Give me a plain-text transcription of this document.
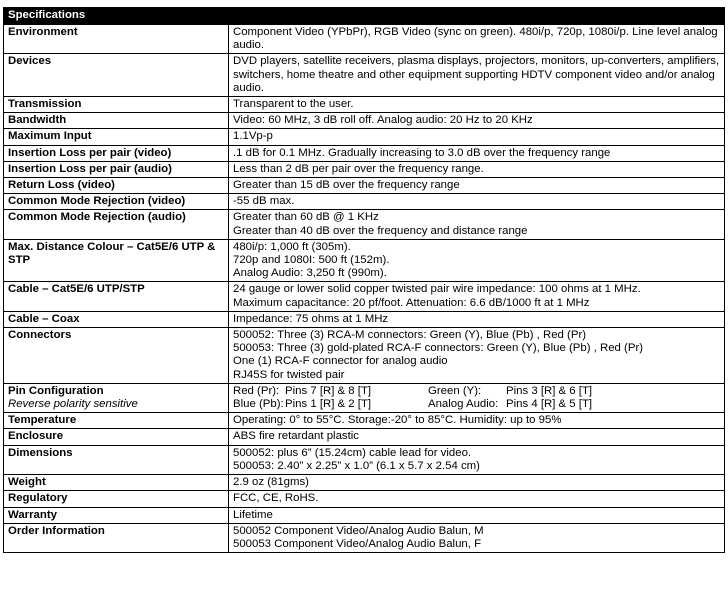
Specifications	
Environment	Component Video (YPbPr), RGB Video (sync on green). 480i/p, 720p, 1080i/p. Line level analog audio.

Devices	DVD players, satellite receivers, plasma displays, projectors, monitors, up-converters, amplifiers, switchers, home theatre and other equipment supporting HDTV component video and/or analog audio.

Transmission	Transparent to the user.

Bandwidth	Video: 60 MHz, 3 dB roll off. Analog audio: 20 Hz to 20 KHz

Maximum Input	1.1Vp-p

Insertion Loss per pair (video)	.1 dB for 0.1 MHz. Gradually increasing to 3.0 dB over the frequency range

Insertion Loss per pair (audio)	Less than 2 dB per pair over the frequency range.

Return Loss (video)	Greater than 15 dB over the frequency range

Common Mode Rejection (video)	-55 dB max.

Common Mode Rejection (audio)	Greater than 60 dB @ 1 KHz
Greater than 40 dB over the frequency and distance range

Max. Distance Colour – Cat5E/6 UTP & STP	480i/p: 1,000 ft (305m).
720p and 1080I: 500 ft (152m).
Analog Audio: 3,250 ft (990m).

Cable – Cat5E/6 UTP/STP	24 gauge or lower solid copper twisted pair wire impedance: 100 ohms at 1 MHz.
Maximum capacitance: 20 pf/foot. Attenuation: 6.6 dB/1000 ft at 1 MHz

Cable – Coax	Impedance: 75 ohms at 1 MHz

Connectors	500052: Three (3) RCA-M connectors: Green (Y), Blue (Pb) , Red (Pr)
500053: Three (3) gold-plated RCA-F connectors: Green (Y), Blue (Pb) , Red (Pr)
One (1) RCA-F connector for analog audio
RJ45S for twisted pair

Pin Configuration
Reverse polarity sensitive	Red (Pr): Pins 7 [R] & 8 [T] Green (Y): Pins 3 [R] & 6 [T]
Blue (Pb):Pins 1 [R] & 2 [T] Analog Audio: Pins 4 [R] & 5 [T]

Temperature	Operating: 0° to 55°C. Storage:-20° to 85°C. Humidity: up to 95%

Enclosure	ABS fire retardant plastic

Dimensions	500052: plus 6” (15.24cm) cable lead for video.
500053: 2.40” x 2.25” x 1.0” (6.1 x 5.7 x 2.54 cm)

Weight	2.9 oz (81gms)

Regulatory	FCC, CE, RoHS.

Warranty	Lifetime

Order Information	500052 Component Video/Analog Audio Balun, M
500053 Component Video/Analog Audio Balun, F
